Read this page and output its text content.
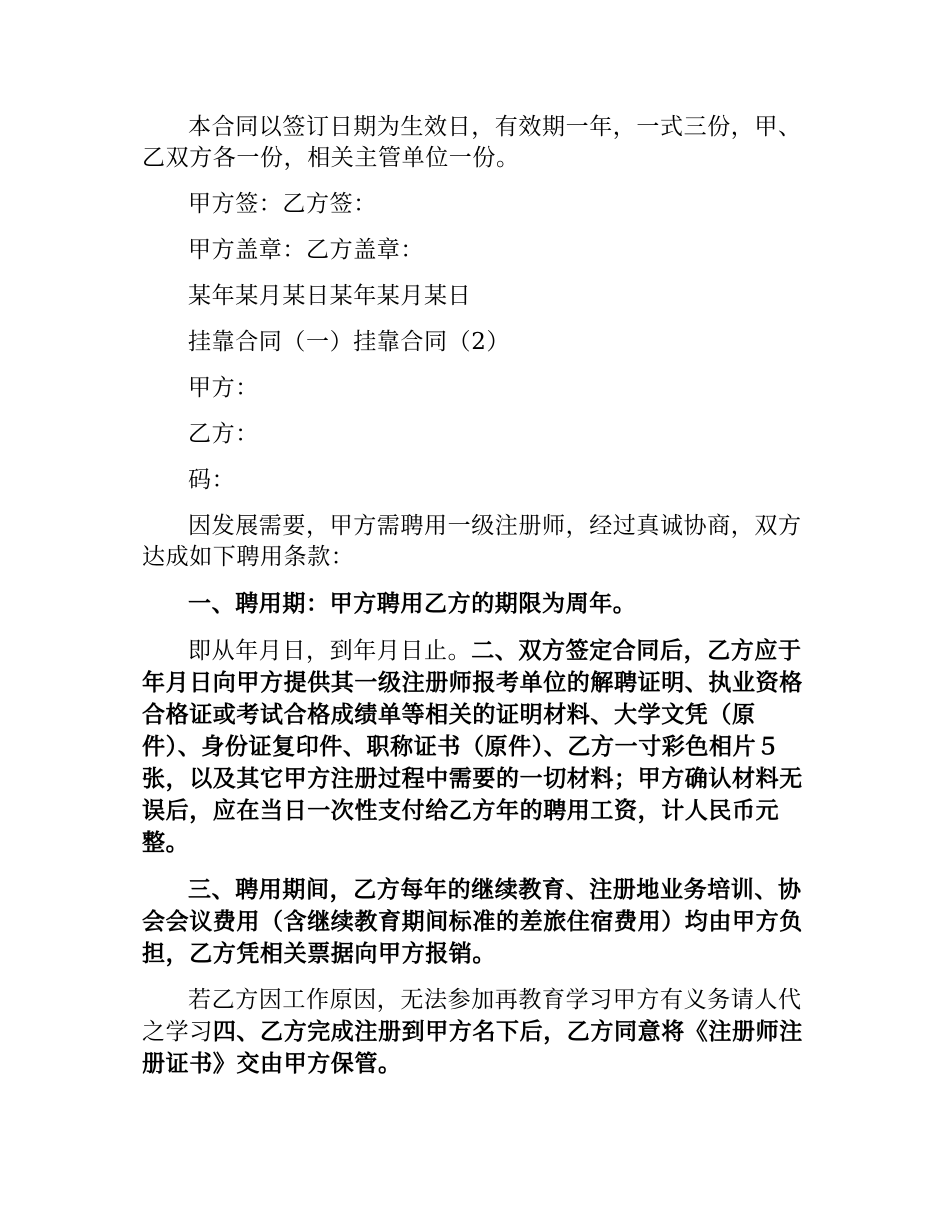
本合同以签订日期为生效日，有效期一年，一式三份，甲、乙双方各一份，相关主管单位一份。

甲方签：乙方签：

甲方盖章：乙方盖章：

某年某月某日某年某月某日

挂靠合同（一）挂靠合同（2）

甲方：

乙方：

码：

因发展需要，甲方需聘用一级注册师，经过真诚协商，双方达成如下聘用条款：

一、聘用期：甲方聘用乙方的期限为周年。

即从年月日，到年月日止。二、双方签定合同后，乙方应于年月日向甲方提供其一级注册师报考单位的解聘证明、执业资格合格证或考试合格成绩单等相关的证明材料、大学文凭（原件）、身份证复印件、职称证书（原件）、乙方一寸彩色相片５张，以及其它甲方注册过程中需要的一切材料；甲方确认材料无误后，应在当日一次性支付给乙方年的聘用工资，计人民币元整。

三、聘用期间，乙方每年的继续教育、注册地业务培训、协会会议费用（含继续教育期间标准的差旅住宿费用）均由甲方负担，乙方凭相关票据向甲方报销。

若乙方因工作原因，无法参加再教育学习甲方有义务请人代之学习四、乙方完成注册到甲方名下后，乙方同意将《注册师注册证书》交由甲方保管。
